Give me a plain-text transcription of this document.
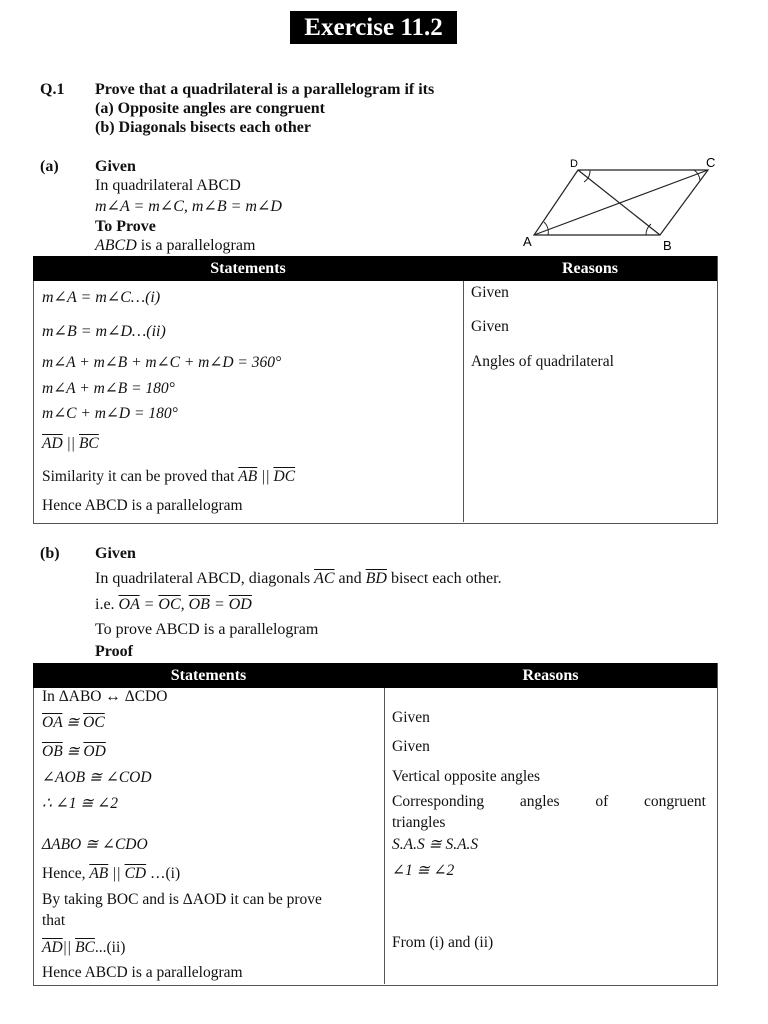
Exercise 11.2
Q.1 Prove that a quadrilateral is a parallelogram if its
(a) Opposite angles are congruent
(b) Diagonals bisects each other
(a) Given
In quadrilateral ABCD
m∠A = m∠C, m∠B = m∠D
To Prove
ABCD is a parallelogram	A	B
C
D
Statements	Reasons
m∠A = m∠C…(i)	Given
m∠B = m∠D…(ii)	Given
m∠A + m∠B + m∠C + m∠D = 360°	Angles of quadrilateral
m∠A + m∠B = 180°
m∠C + m∠D = 180°
$\overline{AD}$ || $\overline{BC}$
Similarity it can be proved that $\overline{AB}$ || $\overline{DC}$
Hence ABCD is a parallelogram
(b) Given
In quadrilateral ABCD, diagonals $\overline{AC}$ and $\overline{BD}$ bisect each other.
i.e. $\overline{OA} = \overline{OC}$, $\overline{OB} = \overline{OD}$
To prove ABCD is a parallelogram
Proof
Statements	Reasons
In ΔABO ↔ ΔCDO
$\overline{OA}$ ≅ $\overline{OC}$	Given
$\overline{OB}$ ≅ $\overline{OD}$	Given
∠AOB ≅ ∠COD	Vertical opposite angles
∴ ∠1 ≅ ∠2	Corresponding angles of congruent
triangles
ΔABO ≅ ∠CDO	S.A.S ≅ S.A.S
Hence, $\overline{AB}$ || $\overline{CD}$ …(i)	∠1 ≅ ∠2
By taking BOC and is ΔAOD it can be prove
that
$\overline{AD}||$ $\overline{BC}...(ii)$	From (i) and (ii)
Hence ABCD is a parallelogram
